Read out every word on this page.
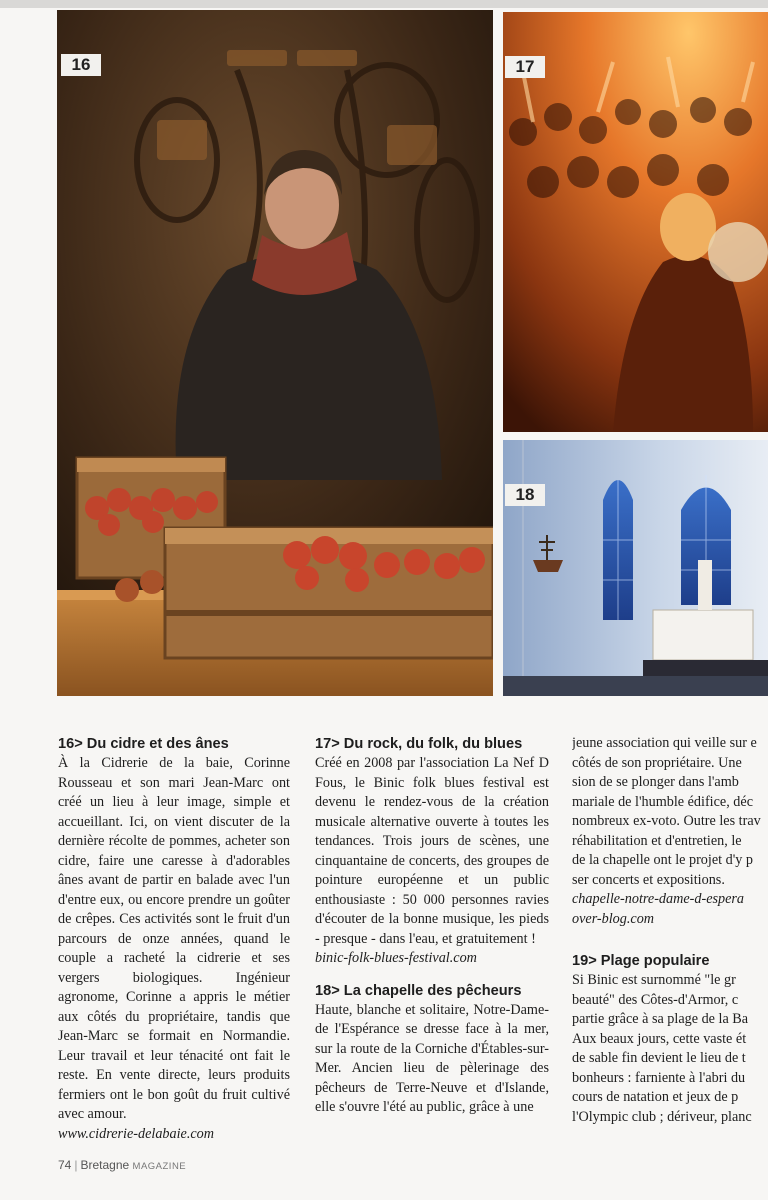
16	17
18
16> Du cidre et des ânes

À la Cidrerie de la baie, Corinne Rousseau et son mari Jean-Marc ont créé un lieu à leur image, simple et accueillant. Ici, on vient discuter de la dernière récolte de pommes, acheter son cidre, faire une caresse à d'adorables ânes avant de partir en balade avec l'un d'entre eux, ou encore prendre un goûter de crêpes. Ces activités sont le fruit d'un parcours de onze années, quand le couple a racheté la cidrerie et ses vergers biologiques. Ingénieur agronome, Corinne a appris le métier aux côtés du propriétaire, tandis que Jean-Marc se formait en Normandie. Leur travail et leur ténacité ont fait le reste. En vente directe, leurs produits fermiers ont le bon goût du fruit cultivé avec amour.

www.cidrerie-delabaie.com

17> Du rock, du folk, du blues

Créé en 2008 par l'association La Nef D Fous, le Binic folk blues festival est devenu le rendez-vous de la création musicale alternative ouverte à toutes les tendances. Trois jours de scènes, une cinquantaine de concerts, des groupes de pointure européenne et un public enthousiaste : 50 000 personnes ravies d'écouter de la bonne musique, les pieds - presque - dans l'eau, et gratuitement !

binic-folk-blues-festival.com

18> La chapelle des pêcheurs

Haute, blanche et solitaire, Notre-Dame-de l'Espérance se dresse face à la mer, sur la route de la Corniche d'Étables-sur-Mer. Ancien lieu de pèlerinage des pêcheurs de Terre-Neuve et d'Islande, elle s'ouvre l'été au public, grâce à une

jeune association qui veille sur e
côtés de son propriétaire. Une
sion de se plonger dans l'amb
mariale de l'humble édifice, déc
nombreux ex-voto. Outre les trav
réhabilitation et d'entretien, le
de la chapelle ont le projet d'y p
ser concerts et expositions.
chapelle-notre-dame-d-espera
over-blog.com
19> Plage populaire
Si Binic est surnommé "le gr
beauté" des Côtes-d'Armor, c
partie grâce à sa plage de la Ba
Aux beaux jours, cette vaste ét
de sable fin devient le lieu de t
bonheurs : farniente à l'abri du
cours de natation et jeux de p
l'Olympic club ; dériveur, planc
74 | Bretagne MAGAZINE
